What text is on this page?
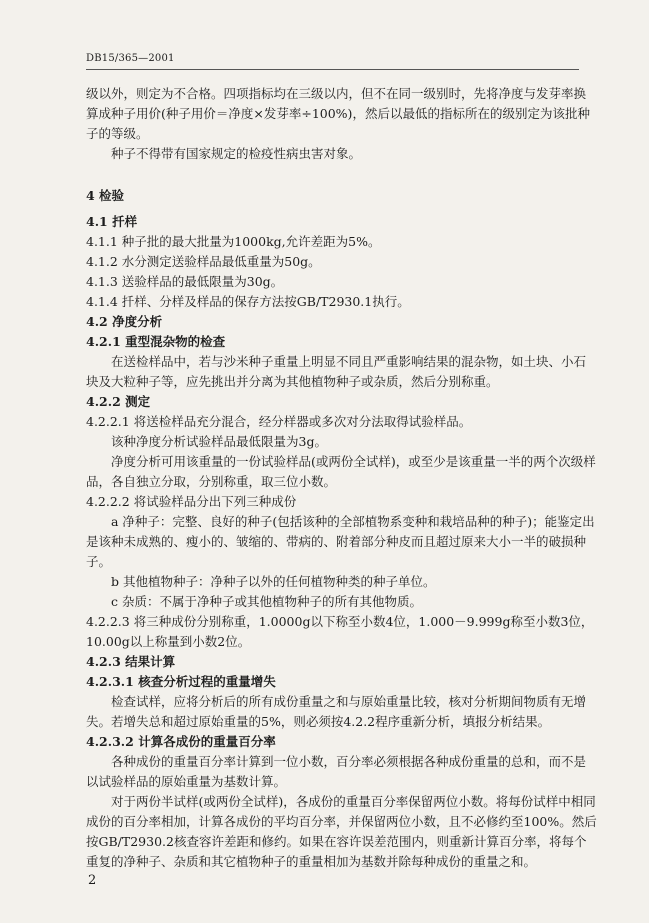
DB15/365—2001

级以外，则定为不合格。四项指标均在三级以内，但不在同一级别时，先将净度与发芽率换算成种子用价(种子用价＝净度×发芽率÷100%)，然后以最低的指标所在的级别定为该批种子的等级。

种子不得带有国家规定的检疫性病虫害对象。

4 检验

4.1 扦样

4.1.1 种子批的最大批量为1000kg,允许差距为5%。

4.1.2 水分测定送验样品最低重量为50g。

4.1.3 送验样品的最低限量为30g。

4.1.4 扦样、分样及样品的保存方法按GB/T2930.1执行。

4.2 净度分析

4.2.1 重型混杂物的检查

在送检样品中，若与沙米种子重量上明显不同且严重影响结果的混杂物，如土块、小石块及大粒种子等，应先挑出并分离为其他植物种子或杂质，然后分别称重。

4.2.2 测定

4.2.2.1 将送检样品充分混合，经分样器或多次对分法取得试验样品。

该种净度分析试验样品最低限量为3g。

净度分析可用该重量的一份试验样品(或两份全试样)，或至少是该重量一半的两个次级样品，各自独立分取，分别称重，取三位小数。

4.2.2.2 将试验样品分出下列三种成份

a 净种子：完整、良好的种子(包括该种的全部植物系变种和栽培品种的种子)；能鉴定出是该种未成熟的、瘦小的、皱缩的、带病的、附着部分种皮而且超过原来大小一半的破损种子。

b 其他植物种子：净种子以外的任何植物种类的种子单位。

c 杂质：不属于净种子或其他植物种子的所有其他物质。

4.2.2.3 将三种成份分别称重，1.0000g以下称至小数4位，1.000－9.999g称至小数3位，10.00g以上称量到小数2位。

4.2.3 结果计算

4.2.3.1 核查分析过程的重量增失

检查试样，应将分析后的所有成份重量之和与原始重量比较，核对分析期间物质有无增失。若增失总和超过原始重量的5%，则必须按4.2.2程序重新分析，填报分析结果。

4.2.3.2 计算各成份的重量百分率

各种成份的重量百分率计算到一位小数，百分率必须根据各种成份重量的总和，而不是以试验样品的原始重量为基数计算。

对于两份半试样(或两份全试样)，各成份的重量百分率保留两位小数。将每份试样中相同成份的百分率相加，计算各成份的平均百分率，并保留两位小数，且不必修约至100%。然后按GB/T2930.2核查容许差距和修约。如果在容许误差范围内，则重新计算百分率，将每个重复的净种子、杂质和其它植物种子的重量相加为基数并除每种成份的重量之和。

2
